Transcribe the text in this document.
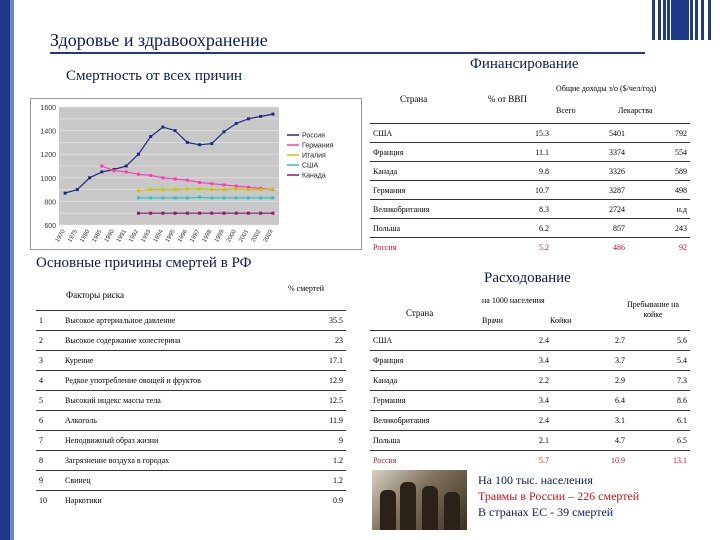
Здоровье и здравоохранение
Смертность от всех причин
Финансирование
1600
1400
1200
1000
800
600
1970 1975 1980 1985 1990 1991 1992 1993 1994 1995 1996 1997 1998 1999 2000 2001 2002 2003
Россия
Германия
Италия
США
Канада
Страна	% от ВВП
Общие доходы з/о ($/чел/год)
Всего	Лекарства
США	15.3	5401	792
Франция	11.1	3374	554
Канада	9.8	3326	589
Германия	10.7	3287	498
Великобритания	8.3	2724	н.д
Польша	6.2	857	243
Россия	5.2	486	92
Основные причины смертей в РФ
Факторы риска
% смертей
1	Высокое артериальное давление	35.5
2	Высокое содержание холестерина	23
3	Курение	17.1
4	Редкое употребление овощей и фруктов	12.9
5	Высокий индекс массы тела	12.5
6	Алкоголь	11.9
7	Неподвижный образ жизни	9
8	Загрязнение воздуха в городах	1.2
9	Свинец	1.2
10	Наркотики	0.9
Расходование
Страна
на 1000 населения
Врачи	Койки
Пребывание на койке
США	2.4	2.7	5.6
Франция	3.4	3.7	5.4
Канада	2.2	2.9	7.3
Германия	3.4	6.4	8.6
Великобритания	2.4	3.1	6.1
Польша	2.1	4.7	6.5
Россия	5.7	10.9	13.1
На 100 тыс. населения
Травмы в России – 226 смертей
В странах ЕС - 39 смертей
